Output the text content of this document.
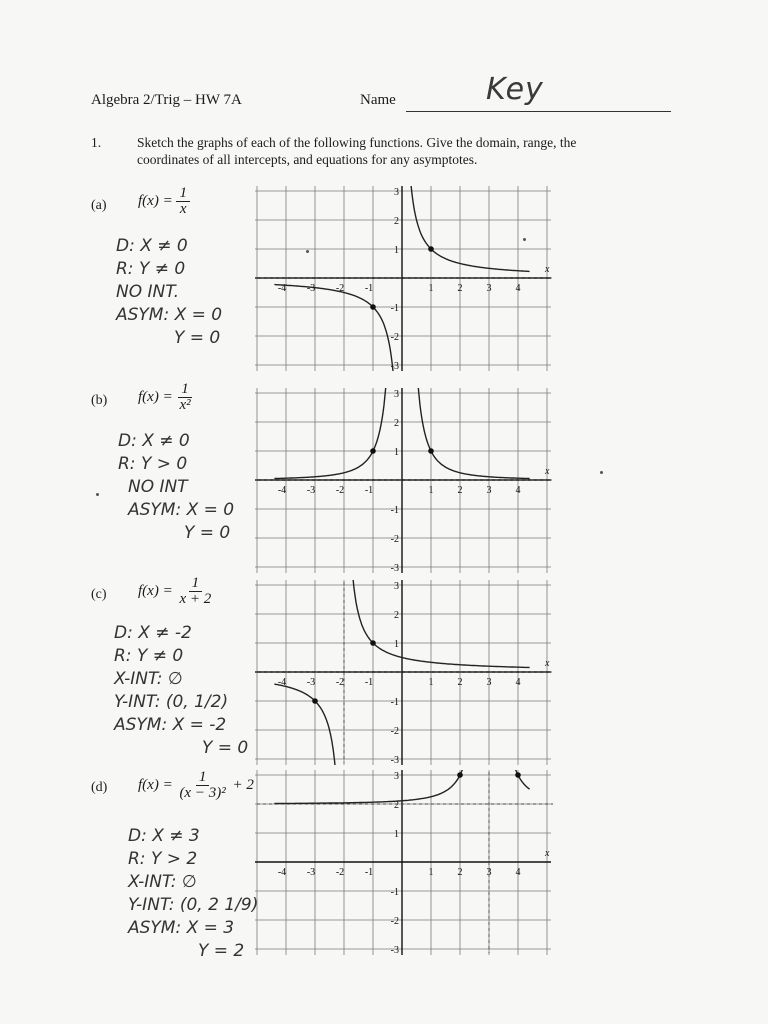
Algebra 2/Trig – HW 7A	Name	Key
1.	Sketch the graphs of each of the following functions. Give the domain, range, the
coordinates of all intercepts, and equations for any asymptotes.
(a) $f(x) = \frac{1}{x}$
D: X ≠ 0
R: Y ≠ 0
NO INT.
ASYM: X = 0
Y = 0
(b) $f(x) = \frac{1}{\text{x²}}$
D: X ≠ 0
R: Y > 0
NO INT
ASYM: X = 0
Y = 0
(c) $f(x) = \frac{1}{x + 2}$
D: X ≠ -2
R: Y ≠ 0
X-INT: ∅
Y-INT: (0, 1/2)
ASYM: X = -2
Y = 0
(d) $f(x) = \frac{1}{\text{(x − 3)²}} + 2$
D: X ≠ 3
R: Y > 2
X-INT: ∅
Y-INT: (0, 2 1/9)
ASYM: X = 3
Y = 2
-4 -3 -2 -1	1 2 3 4
3
2
1
-1
-2
-3
x
-4 -3 -2 -1	1 2 3 4
3
2
1
-1
-2
-3
x
-4 -3 -2 -1	1 2 3 4
3
2
1
-1
-2
-3
x
-4 -3 -2 -1	1 2 3 4
3
2
1
-1
-2
-3
x
